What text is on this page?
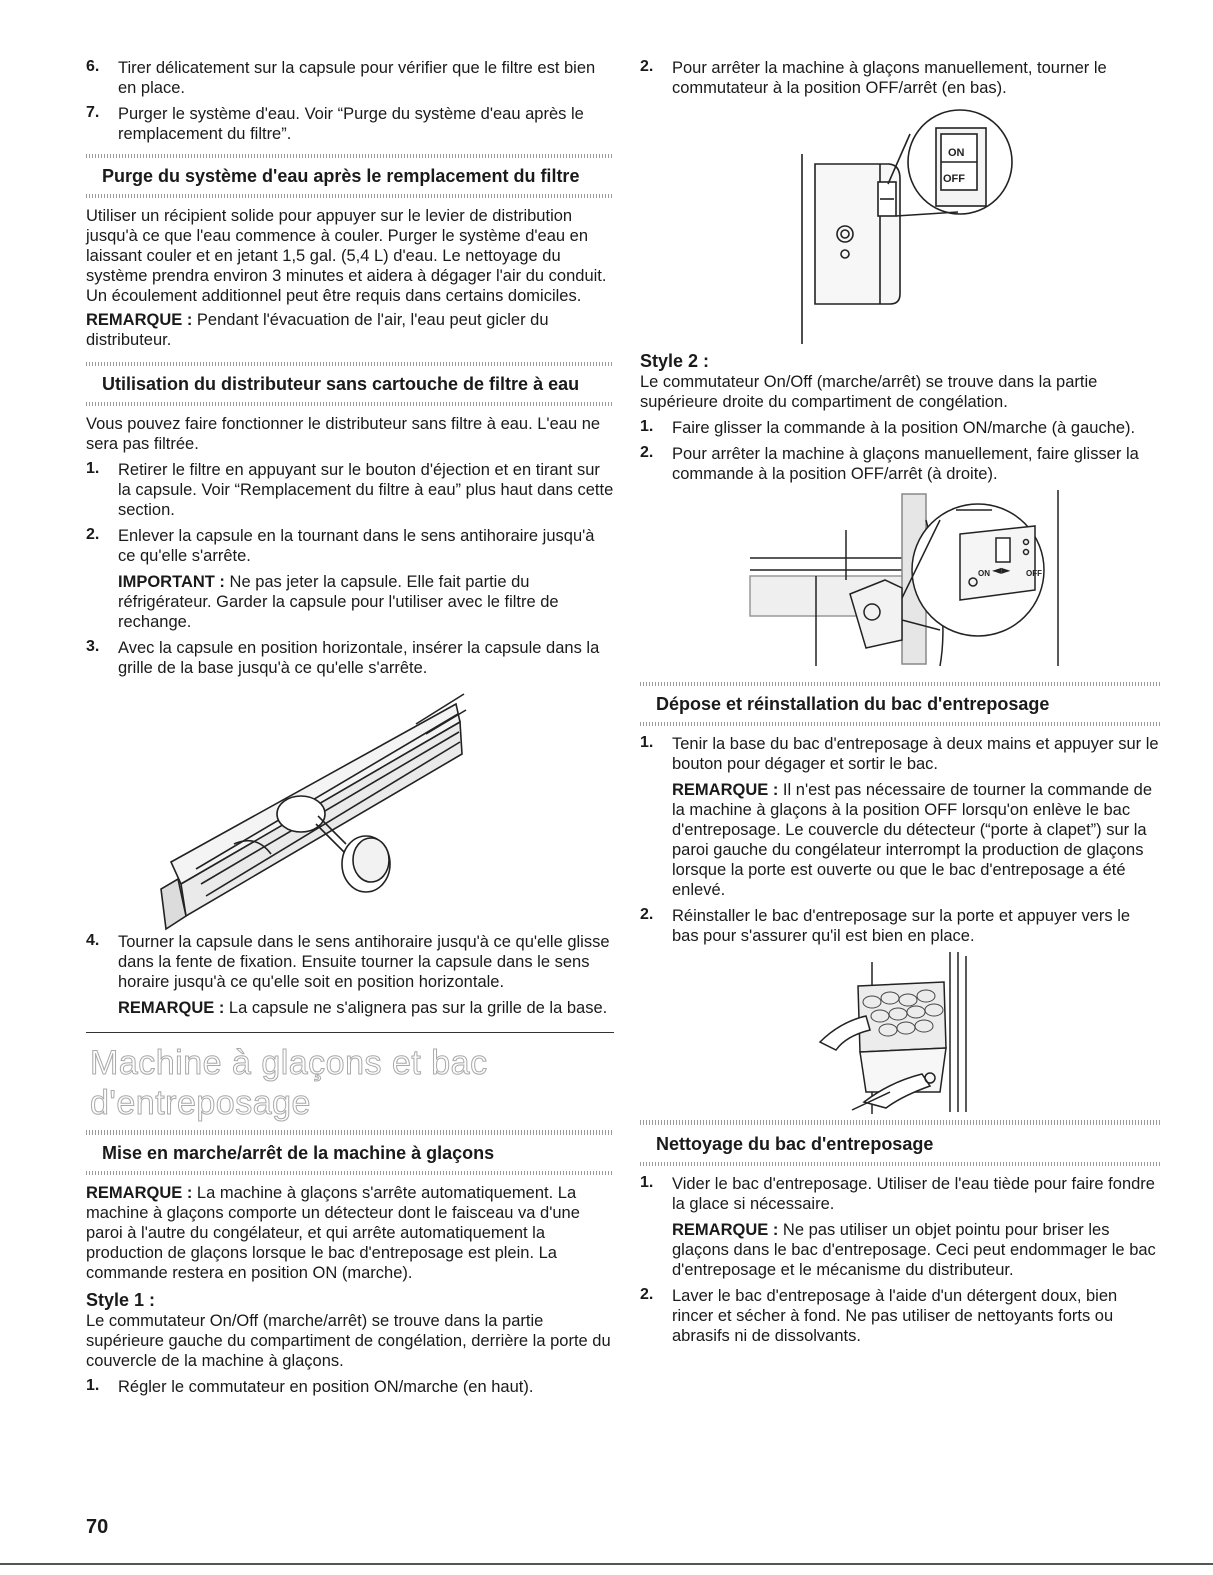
6. Tirer délicatement sur la capsule pour vérifier que le filtre est bien en place.

7. Purger le système d'eau. Voir “Purge du système d'eau après le remplacement du filtre”.

Purge du système d'eau après le remplacement du filtre

Utiliser un récipient solide pour appuyer sur le levier de distribution jusqu'à ce que l'eau commence à couler. Purger le système d'eau en laissant couler et en jetant 1,5 gal. (5,4 L) d'eau. Le nettoyage du système prendra environ 3 minutes et aidera à dégager l'air du conduit. Un écoulement additionnel peut être requis dans certains domiciles.

REMARQUE : Pendant l'évacuation de l'air, l'eau peut gicler du distributeur.

Utilisation du distributeur sans cartouche de filtre à eau

Vous pouvez faire fonctionner le distributeur sans filtre à eau. L'eau ne sera pas filtrée.

1. Retirer le filtre en appuyant sur le bouton d'éjection et en tirant sur la capsule. Voir “Remplacement du filtre à eau” plus haut dans cette section.

2. Enlever la capsule en la tournant dans le sens antihoraire jusqu'à ce qu'elle s'arrête.

IMPORTANT : Ne pas jeter la capsule. Elle fait partie du réfrigérateur. Garder la capsule pour l'utiliser avec le filtre de rechange.

3. Avec la capsule en position horizontale, insérer la capsule dans la grille de la base jusqu'à ce qu'elle s'arrête.

4. Tourner la capsule dans le sens antihoraire jusqu'à ce qu'elle glisse dans la fente de fixation. Ensuite tourner la capsule dans le sens horaire jusqu'à ce qu'elle soit en position horizontale.

REMARQUE : La capsule ne s'alignera pas sur la grille de la base.

Machine à glaçons et bac d'entreposage
Mise en marche/arrêt de la machine à glaçons

REMARQUE : La machine à glaçons s'arrête automatiquement. La machine à glaçons comporte un détecteur dont le faisceau va d'une paroi à l'autre du congélateur, et qui arrête automatiquement la production de glaçons lorsque le bac d'entreposage est plein. La commande restera en position ON (marche).

Style 1 :

Le commutateur On/Off (marche/arrêt) se trouve dans la partie supérieure gauche du compartiment de congélation, derrière la porte du couvercle de la machine à glaçons.

1. Régler le commutateur en position ON/marche (en haut).

2. Pour arrêter la machine à glaçons manuellement, tourner le commutateur à la position OFF/arrêt (en bas).

ON
OFF
Style 2 :

Le commutateur On/Off (marche/arrêt) se trouve dans la partie supérieure droite du compartiment de congélation.

1. Faire glisser la commande à la position ON/marche (à gauche).

2. Pour arrêter la machine à glaçons manuellement, faire glisser la commande à la position OFF/arrêt (à droite).

ON	OFF
◄►
Dépose et réinstallation du bac d'entreposage
1. Tenir la base du bac d'entreposage à deux mains et appuyer sur le bouton pour dégager et sortir le bac.

REMARQUE : Il n'est pas nécessaire de tourner la commande de la machine à glaçons à la position OFF lorsqu'on enlève le bac d'entreposage. Le couvercle du détecteur (“porte à clapet”) sur la paroi gauche du congélateur interrompt la production de glaçons lorsque la porte est ouverte ou que le bac d'entreposage a été enlevé.

2. Réinstaller le bac d'entreposage sur la porte et appuyer vers le bas pour s'assurer qu'il est bien en place.

Nettoyage du bac d'entreposage
1. Vider le bac d'entreposage. Utiliser de l'eau tiède pour faire fondre la glace si nécessaire.

REMARQUE : Ne pas utiliser un objet pointu pour briser les glaçons dans le bac d'entreposage. Ceci peut endommager le bac d'entreposage et le mécanisme du distributeur.

2. Laver le bac d'entreposage à l'aide d'un détergent doux, bien rincer et sécher à fond. Ne pas utiliser de nettoyants forts ou abrasifs ni de dissolvants.

70
